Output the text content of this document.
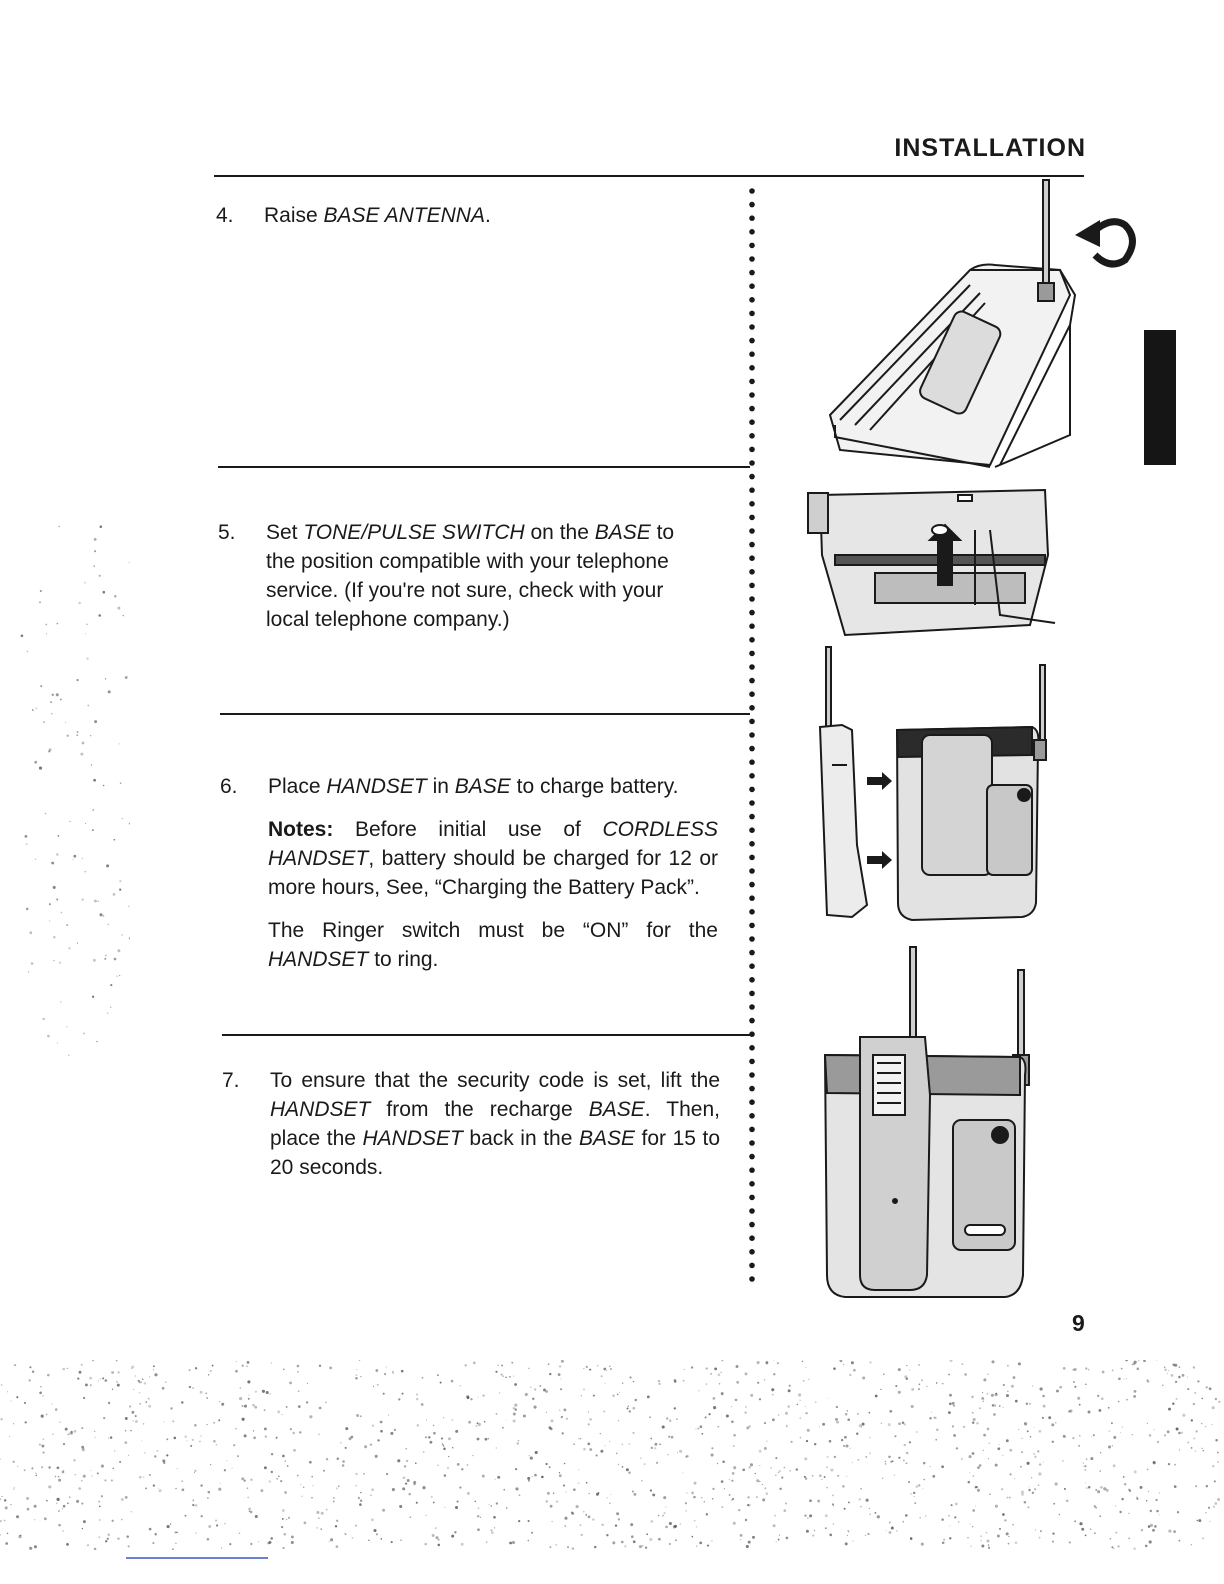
INSTALLATION
4. Raise BASE ANTENNA.

5. Set TONE/PULSE SWITCH on the BASE to the position compatible with your telephone service. (If you're not sure, check with your local telephone company.)

6. Place HANDSET in BASE to charge battery.

Notes: Before initial use of CORDLESS HANDSET, battery should be charged for 12 or more hours, See, “Charging the Battery Pack”.

The Ringer switch must be “ON” for the HANDSET to ring.

7. To ensure that the security code is set, lift the HANDSET from the recharge BASE. Then, place the HANDSET back in the BASE for 15 to 20 seconds.

9
